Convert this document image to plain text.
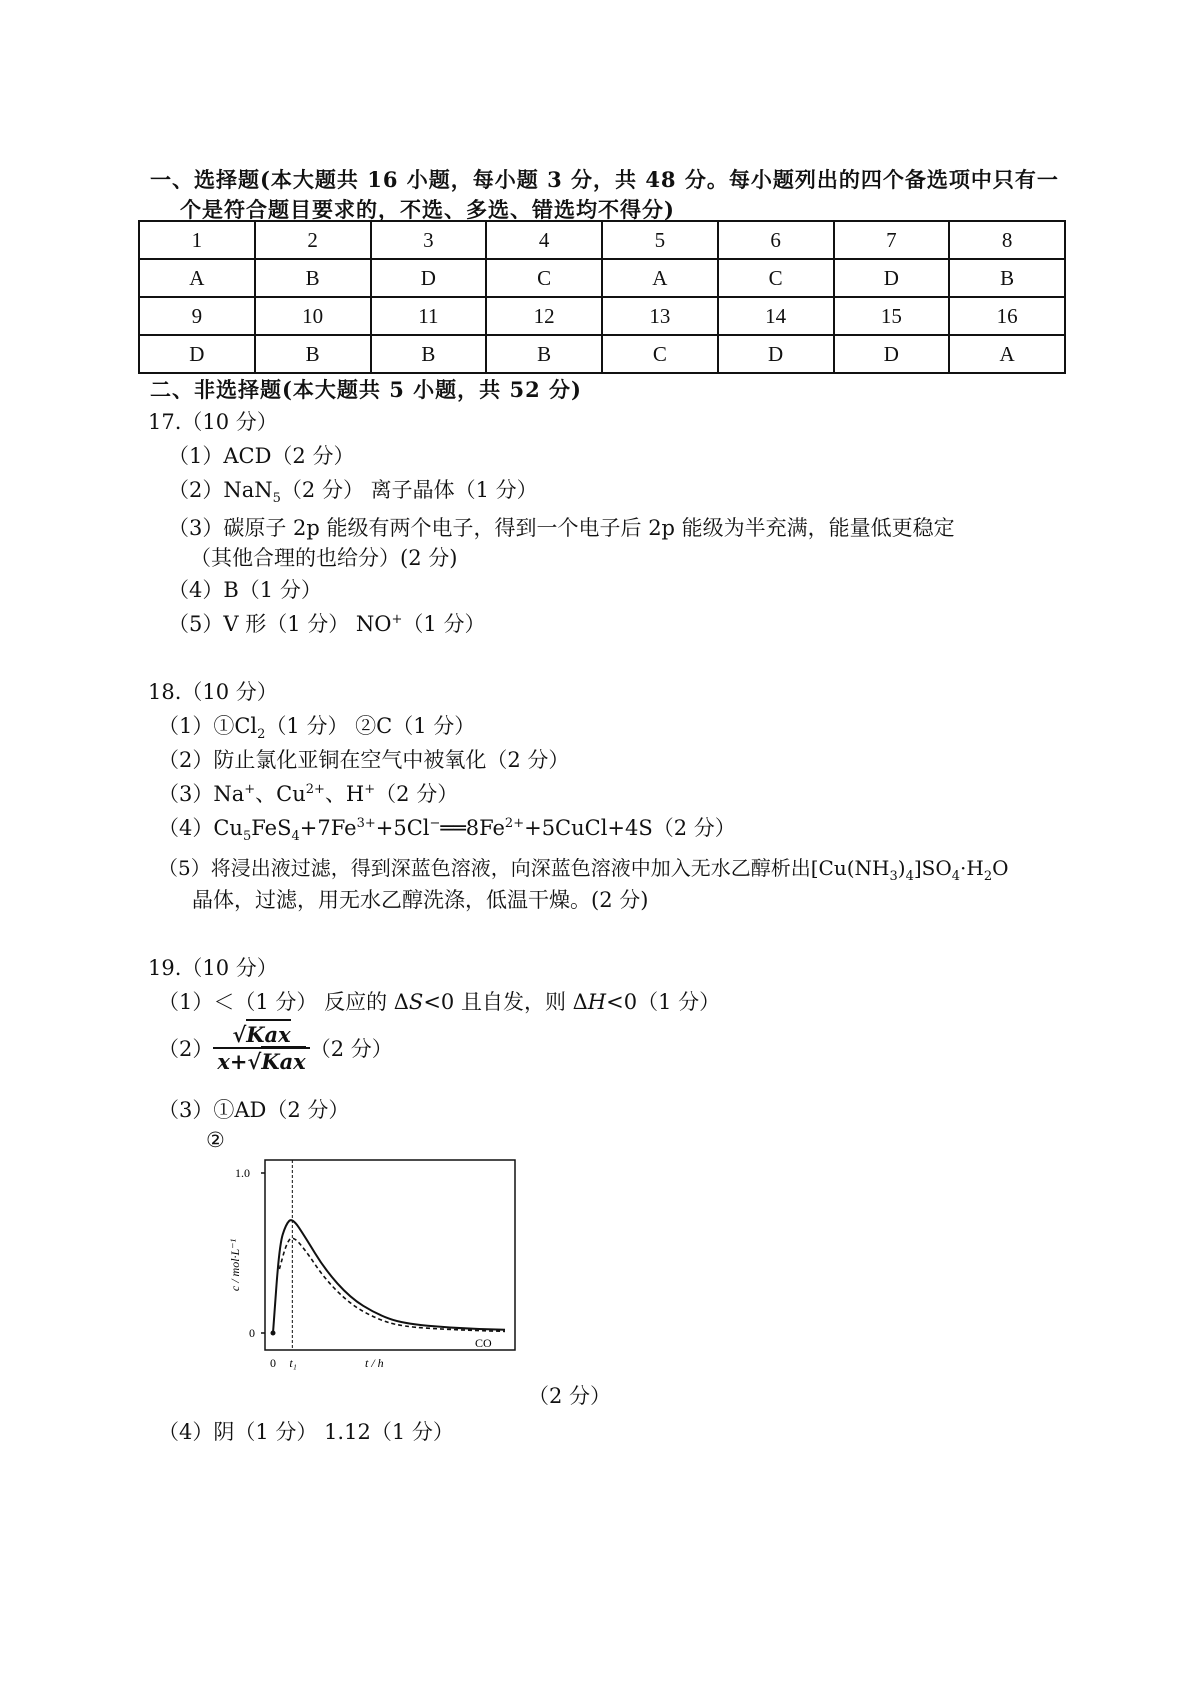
一、选择题(本大题共 16 小题，每小题 3 分，共 48 分。每小题列出的四个备选项中只有一
个是符合题目要求的，不选、多选、错选均不得分)
1	2	3	4	5	6	7	8
A	B	D	C	A	C	D	B
9	10	11	12	13	14	15	16
D	B	B	B	C	D	D	A
二、非选择题(本大题共 5 小题，共 52 分)
17.（10 分）
（1）ACD（2 分）
（2）NaN$_5$（2 分） 离子晶体（1 分）
（3）碳原子 2p 能级有两个电子，得到一个电子后 2p 能级为半充满，能量低更稳定
（其他合理的也给分）(2 分)
（4）B（1 分）
（5）V 形（1 分） NO+（1 分）
18.（10 分）
$(1)①Cl_2(1$ 分） ②C（1 分）
（2）防止氯化亚铜在空气中被氧化（2 分）
（3）Na+、$Cu^{2+}$、H+（2 分）
$(4)Cu_5FeS_4+7Fe^{3+}+5Cl^-══8Fe^{2+}+5CuCl+4S(2$ 分）
（5）将浸出液过滤，得到深蓝色溶液，向深蓝色溶液中加入无水乙醇析出$[Cu(NH_3)_4]SO_4\cdot H_2O$
晶体，过滤，用无水乙醇洗涤，低温干燥。(2 分)
19.（10 分）
（1）＜（1 分） 反应的 ΔS<0 且自发，则 ΔH<0（1 分）
$(2) \frac{\text{√Kax}}{\text{x+√Kax}} (2$ 分）
（3）①AD（2 分）
②
1.0
0
c / mol·L⁻¹
0 t₁	t / h
CO
（2 分）
（4）阴（1 分） 1.12（1 分）
